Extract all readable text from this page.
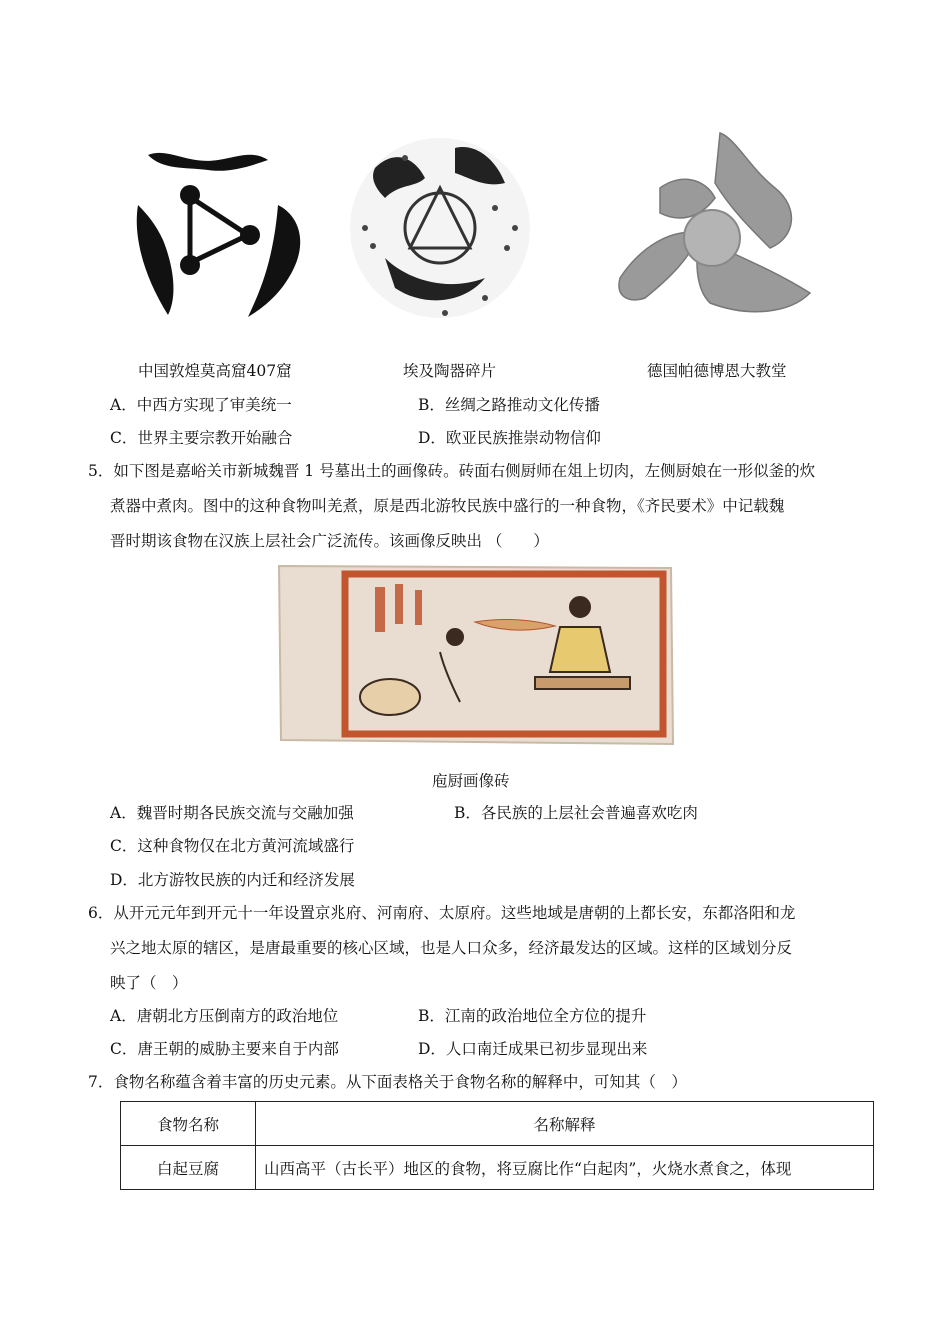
中国敦煌莫高窟407窟	埃及陶器碎片	德国帕德博恩大教堂
A．中西方实现了审美统一	B．丝绸之路推动文化传播
C．世界主要宗教开始融合	D．欧亚民族推崇动物信仰
5．如下图是嘉峪关市新城魏晋 1 号墓出土的画像砖。砖面右侧厨师在俎上切肉，左侧厨娘在一形似釜的炊
煮器中煮肉。图中的这种食物叫羌煮，原是西北游牧民族中盛行的一种食物，《齐民要术》中记载魏
晋时期该食物在汉族上层社会广泛流传。该画像反映出 （　　）
庖厨画像砖
A．魏晋时期各民族交流与交融加强	B．各民族的上层社会普遍喜欢吃肉
C．这种食物仅在北方黄河流域盛行
D．北方游牧民族的内迁和经济发展
6．从开元元年到开元十一年设置京兆府、河南府、太原府。这些地域是唐朝的上都长安，东都洛阳和龙
兴之地太原的辖区，是唐最重要的核心区域，也是人口众多，经济最发达的区域。这样的区域划分反
映了（　）
A．唐朝北方压倒南方的政治地位	B．江南的政治地位全方位的提升
C．唐王朝的威胁主要来自于内部	D．人口南迁成果已初步显现出来
7．食物名称蕴含着丰富的历史元素。从下面表格关于食物名称的解释中，可知其（　）
食物名称	名称解释
白起豆腐	山西高平（古长平）地区的食物，将豆腐比作“白起肉”，火烧水煮食之，体现
